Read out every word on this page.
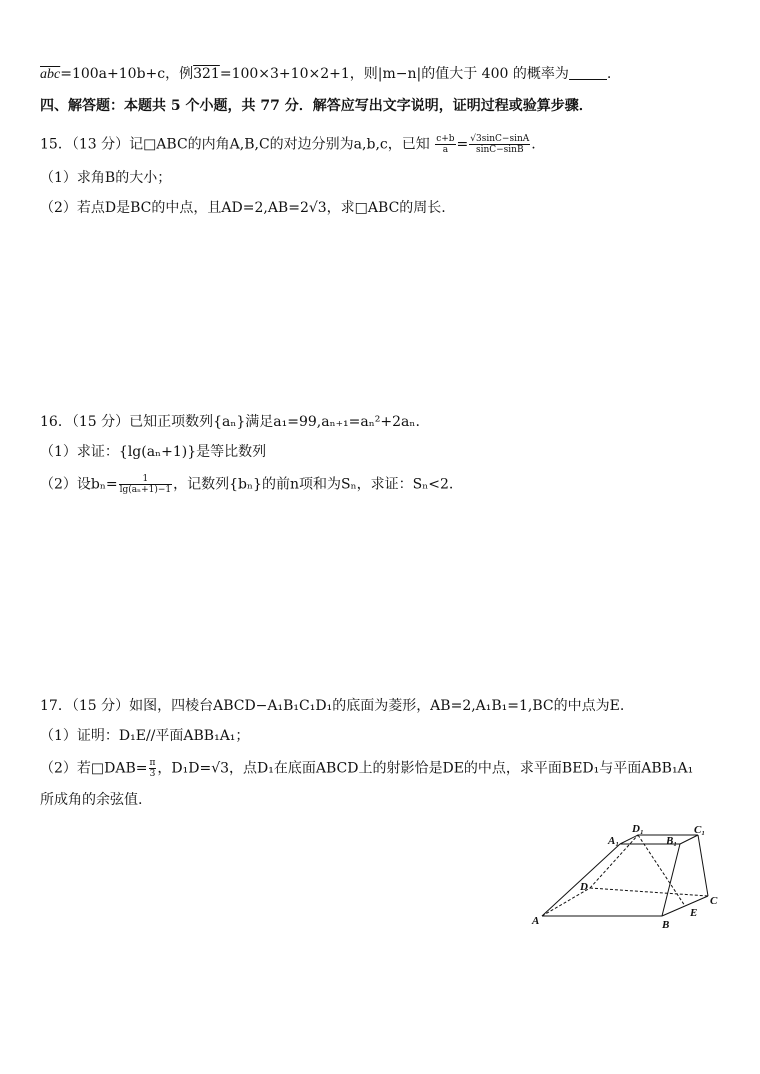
$\overline{abc}=100a+10b+c$，例321=100×3+10×2+1，则|m−n|的值大于 400 的概率为	.
四、解答题：本题共 5 个小题，共 77 分．解答应写出文字说明，证明过程或验算步骤．
15．（13 分）记□ABC的内角A,B,C的对边分别为a,b,c，已知 $\frac{c+b}{a} = \frac{√3\sin C-\sin A}{\sin C-\sin B}$ .
（1）求角B的大小；
（2）若点D是BC的中点，且AD=2,AB=2√3，求□ABC的周长.
16．（15 分）已知正项数列{aₙ}满足a₁=99,aₙ₊₁=aₙ²+2aₙ.
（1）求证：{lg(aₙ+1)}是等比数列
（2）设$b_n= \frac{1}{\text{lg(aₙ+1)−1}}$ ，记数列{bₙ}的前n项和为Sₙ，求证：Sₙ<2.
17．（15 分）如图，四棱台ABCD−A₁B₁C₁D₁的底面为菱形，AB=2,A₁B₁=1,BC的中点为E.
（1）证明：D₁E//平面ABB₁A₁；
（2）若□DAB= $\frac{\pi}{3}$ ，D₁D=√3，点D₁在底面ABCD上的射影恰是DE的中点，求平面BED₁与平面ABB₁A₁
所成角的余弦值.
A	B
C
D
E
A₁	B₁
C₁
D₁
